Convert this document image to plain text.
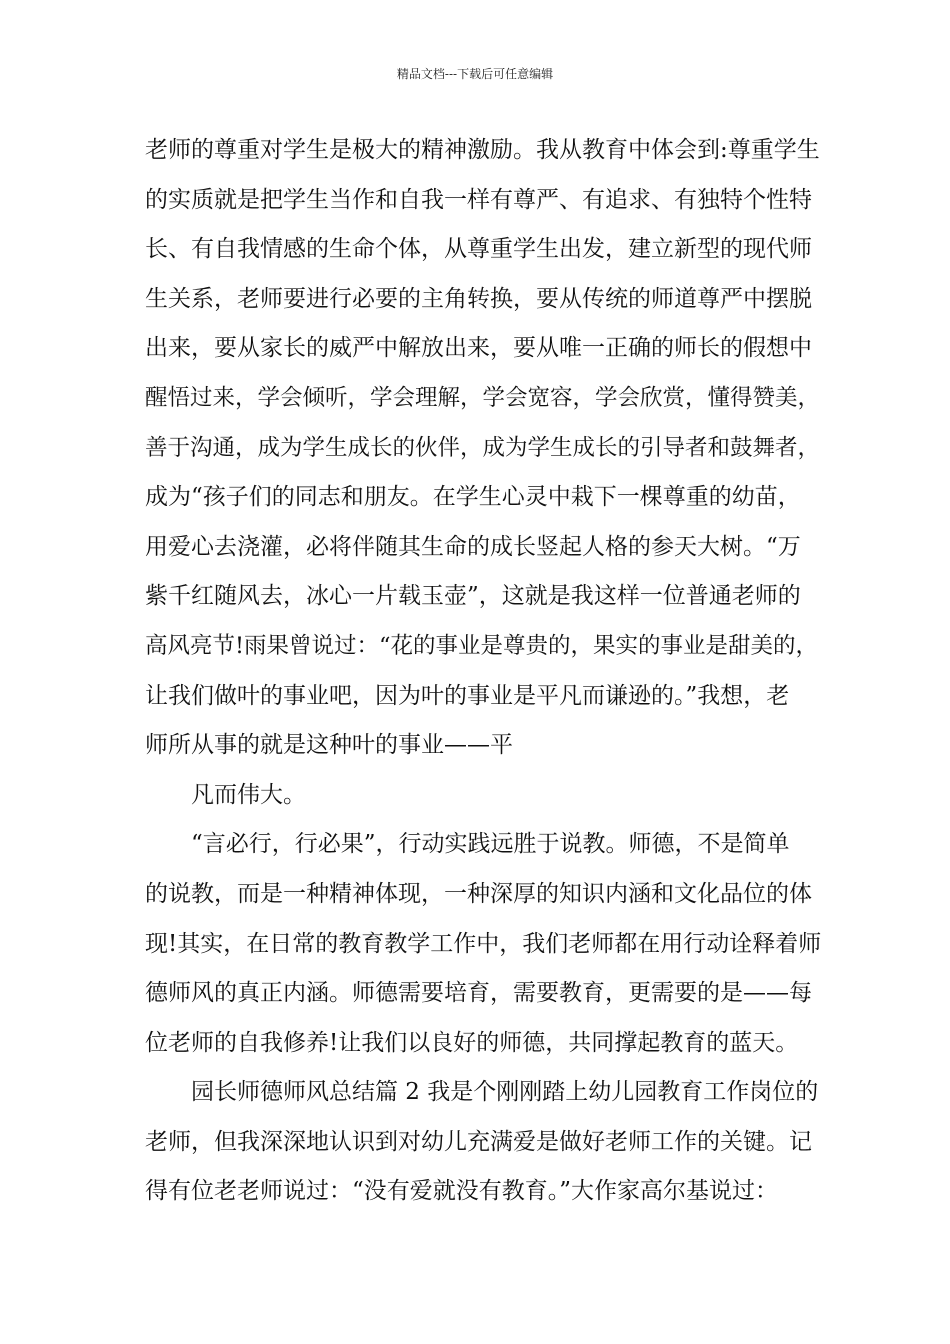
精品文档---下载后可任意编辑
老师的尊重对学生是极大的精神激励。我从教育中体会到:尊重学生
的实质就是把学生当作和自我一样有尊严、有追求、有独特个性特
长、有自我情感的生命个体，从尊重学生出发，建立新型的现代师
生关系，老师要进行必要的主角转换，要从传统的师道尊严中摆脱
出来，要从家长的威严中解放出来，要从唯一正确的师长的假想中
醒悟过来，学会倾听，学会理解，学会宽容，学会欣赏，懂得赞美，
善于沟通，成为学生成长的伙伴，成为学生成长的引导者和鼓舞者，
成为“孩子们的同志和朋友。在学生心灵中栽下一棵尊重的幼苗，
用爱心去浇灌，必将伴随其生命的成长竖起人格的参天大树。“万
紫千红随风去，冰心一片载玉壶”，这就是我这样一位普通老师的
高风亮节!雨果曾说过：“花的事业是尊贵的，果实的事业是甜美的，
让我们做叶的事业吧，因为叶的事业是平凡而谦逊的。”我想，老
师所从事的就是这种叶的事业——平
凡而伟大。
“言必行，行必果”，行动实践远胜于说教。师德，不是简单
的说教，而是一种精神体现，一种深厚的知识内涵和文化品位的体
现!其实，在日常的教育教学工作中，我们老师都在用行动诠释着师
德师风的真正内涵。师德需要培育，需要教育，更需要的是——每
位老师的自我修养!让我们以良好的师德，共同撑起教育的蓝天。
园长师德师风总结篇 2 我是个刚刚踏上幼儿园教育工作岗位的
老师，但我深深地认识到对幼儿充满爱是做好老师工作的关键。记
得有位老老师说过：“没有爱就没有教育。”大作家高尔基说过：
